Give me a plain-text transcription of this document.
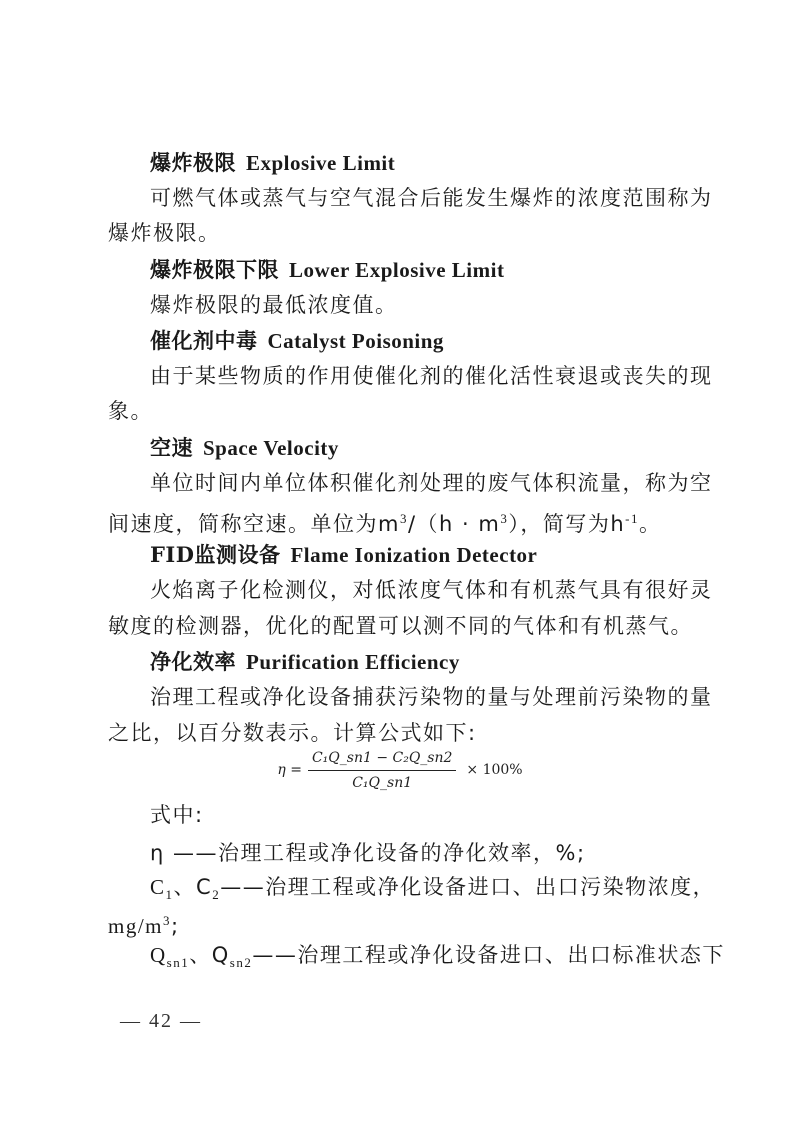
爆炸极限 Explosive Limit
可燃气体或蒸气与空气混合后能发生爆炸的浓度范围称为
爆炸极限。
爆炸极限下限 Lower Explosive Limit
爆炸极限的最低浓度值。
催化剂中毒 Catalyst Poisoning
由于某些物质的作用使催化剂的催化活性衰退或丧失的现
象。
空速 Space Velocity
单位时间内单位体积催化剂处理的废气体积流量，称为空
间速度，简称空速。单位为$m^3/(h \cdot m^3)$，简写为$h^{-1}$。
FID监测设备 Flame Ionization Detector
火焰离子化检测仪，对低浓度气体和有机蒸气具有很好灵
敏度的检测器，优化的配置可以测不同的气体和有机蒸气。
净化效率 Purification Efficiency
治理工程或净化设备捕获污染物的量与处理前污染物的量
之比，以百分数表示。计算公式如下:
$\eta = \frac{\text{C₁Q\_sn1 − C₂Q\_sn2}}{\text{C₁Q\_sn1}} \times 100\%$
式中:
η ——治理工程或净化设备的净化效率，%;
$C_1$、$C_2——$治理工程或净化设备进口、出口污染物浓度，
$mg/m^3$;
$Q_{sn1}$、$Q_{sn2}——$治理工程或净化设备进口、出口标准状态下
— 42 —
